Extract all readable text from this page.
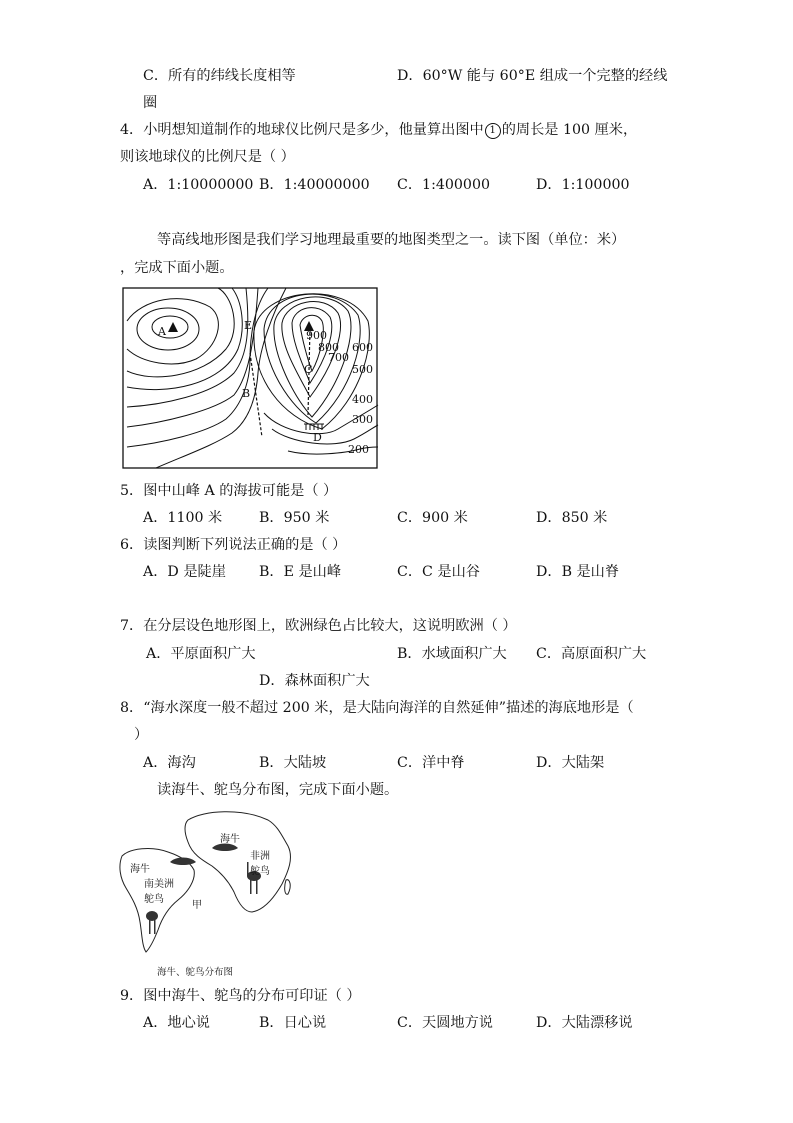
C．所有的纬线长度相等	D．60°W 能与 60°E 组成一个完整的经线
圈
4．小明想知道制作的地球仪比例尺是多少，他量算出图中 1 的周长是 100 厘米，
则该地球仪的比例尺是（ ）
A．1:10000000 B．1:40000000 C．1:400000	D．1:100000
等高线地形图是我们学习地理最重要的地图类型之一。读下图（单位：米）
，完成下面小题。
A	E
B
C
D
900
800
700
600
500
400
300
200
5．图中山峰 A 的海拔可能是（ ）
A．1100 米	B．950 米	C．900 米	D．850 米
6．读图判断下列说法正确的是（ ）
A．D 是陡崖 B．E 是山峰	C．C 是山谷	D．B 是山脊
7．在分层设色地形图上，欧洲绿色占比较大，这说明欧洲（ ）
A．平原面积广大	B．水域面积广大 C．高原面积广大
D．森林面积广大
8．“海水深度一般不超过 200 米，是大陆向海洋的自然延伸”描述的海底地形是（
）
A．海沟	B．大陆坡	C．洋中脊	D．大陆架
读海牛、鸵鸟分布图，完成下面小题。
海牛
非洲
鸵鸟
海牛
南美洲
鸵鸟
甲
海牛、鸵鸟分布图
9．图中海牛、鸵鸟的分布可印证（ ）
A．地心说	B．日心说	C．天圆地方说	D．大陆漂移说
